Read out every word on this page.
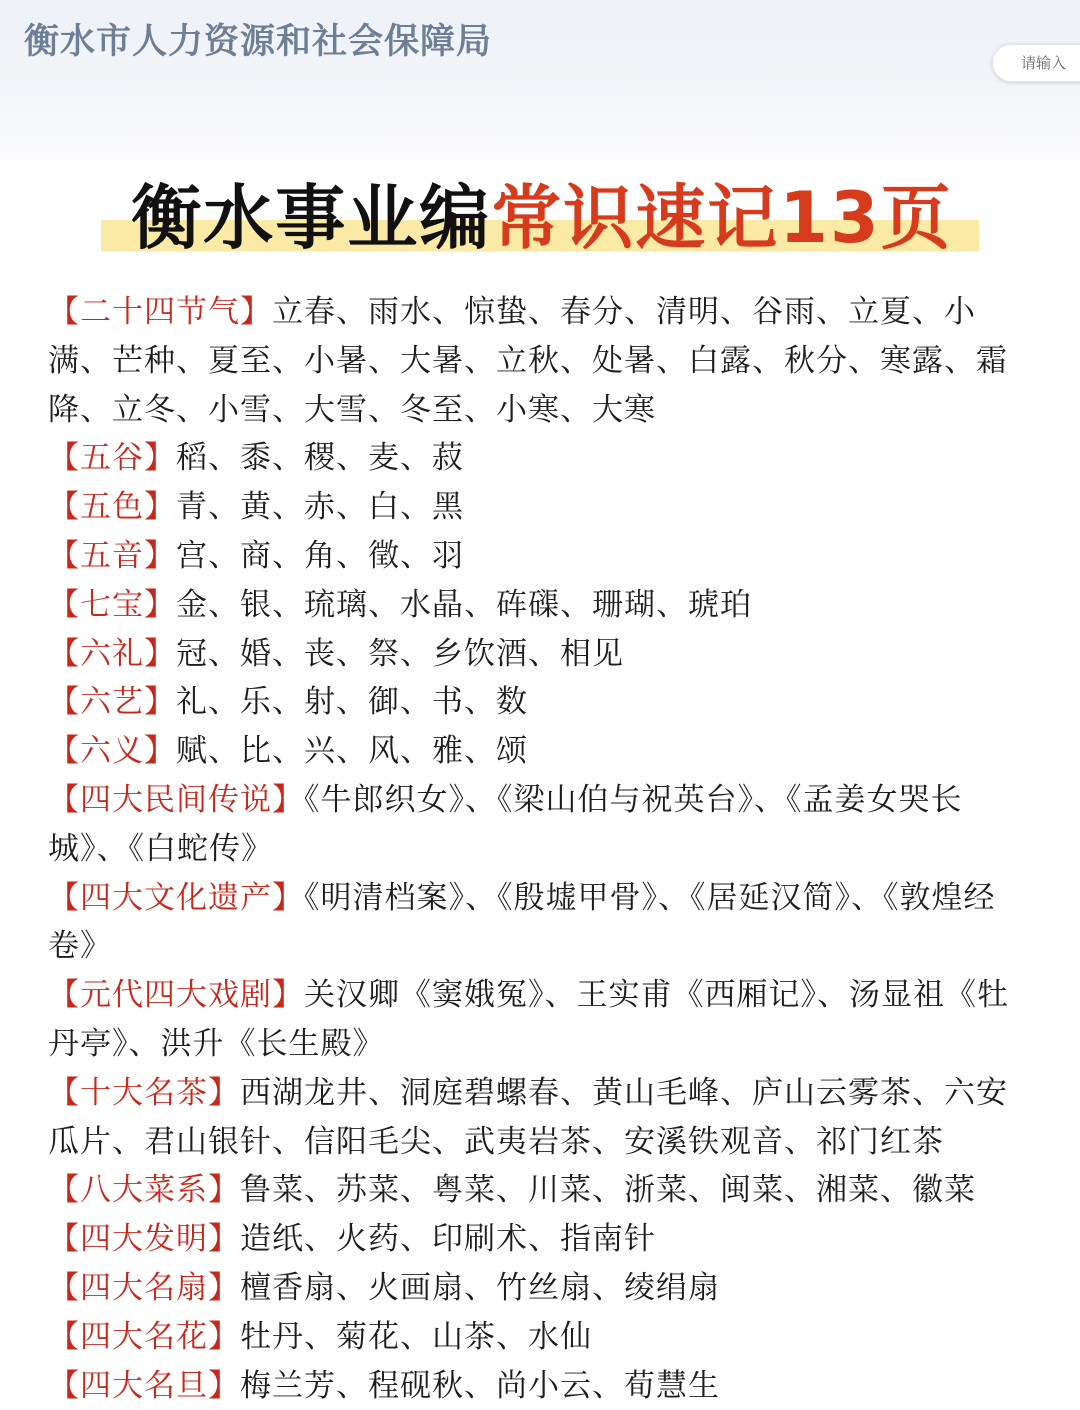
衡水市人力资源和社会保障局
请输入
衡水事业编常识速记13页

【二十四节气】立春、雨水、惊蛰、春分、清明、谷雨、立夏、小满、芒种、夏至、小暑、大暑、立秋、处暑、白露、秋分、寒露、霜降、立冬、小雪、大雪、冬至、小寒、大寒

【五谷】稻、黍、稷、麦、菽

【五色】青、黄、赤、白、黑

【五音】宫、商、角、徵、羽

【七宝】金、银、琉璃、水晶、砗磲、珊瑚、琥珀

【六礼】冠、婚、丧、祭、乡饮酒、相见

【六艺】礼、乐、射、御、书、数

【六义】赋、比、兴、风、雅、颂

【四大民间传说】《牛郎织女》、《梁山伯与祝英台》、《孟姜女哭长城》、《白蛇传》

【四大文化遗产】《明清档案》、《殷墟甲骨》、《居延汉简》、《敦煌经卷》

【元代四大戏剧】关汉卿《窦娥冤》、王实甫《西厢记》、汤显祖《牡丹亭》、洪升《长生殿》

【十大名茶】西湖龙井、洞庭碧螺春、黄山毛峰、庐山云雾茶、六安瓜片、君山银针、信阳毛尖、武夷岩茶、安溪铁观音、祁门红茶

【八大菜系】鲁菜、苏菜、粤菜、川菜、浙菜、闽菜、湘菜、徽菜

【四大发明】造纸、火药、印刷术、指南针

【四大名扇】檀香扇、火画扇、竹丝扇、绫绢扇

【四大名花】牡丹、菊花、山茶、水仙

【四大名旦】梅兰芳、程砚秋、尚小云、荀慧生
